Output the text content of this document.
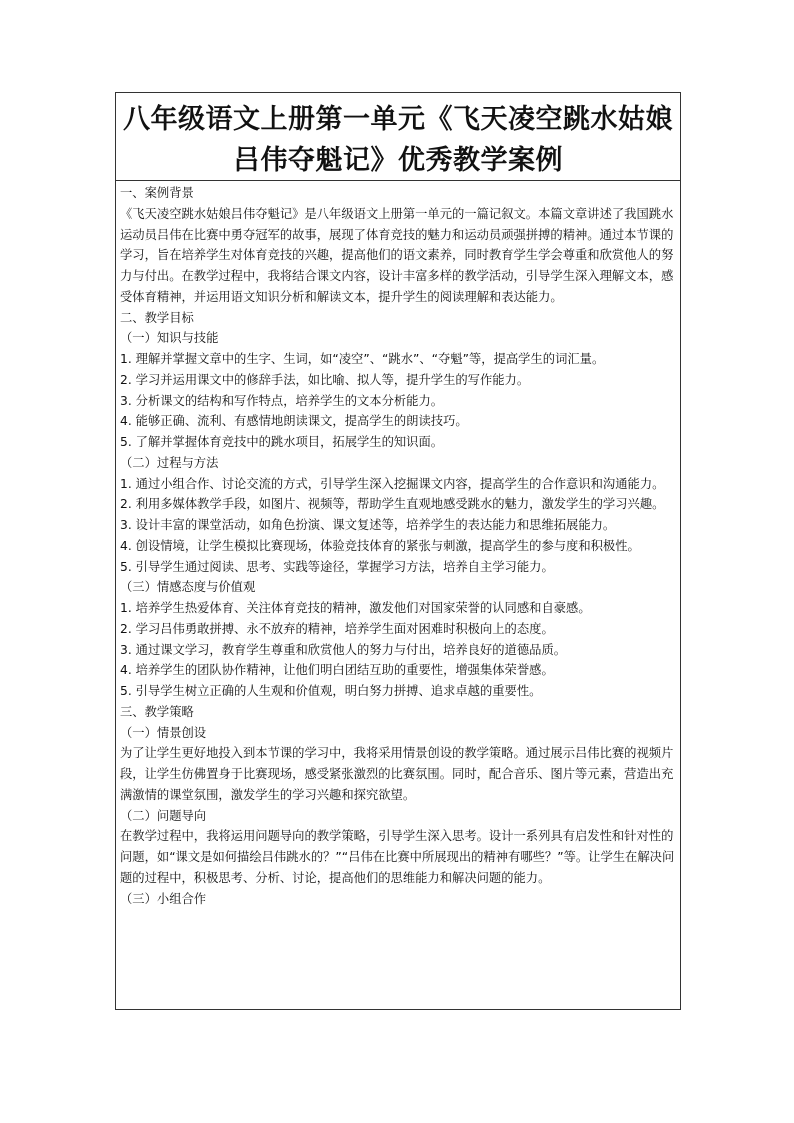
八年级语文上册第一单元《飞天凌空跳水姑娘吕伟夺魁记》优秀教学案例

一、案例背景

《飞天凌空跳水姑娘吕伟夺魁记》是八年级语文上册第一单元的一篇记叙文。本篇文章讲述了我国跳水运动员吕伟在比赛中勇夺冠军的故事，展现了体育竞技的魅力和运动员顽强拼搏的精神。通过本节课的学习，旨在培养学生对体育竞技的兴趣，提高他们的语文素养，同时教育学生学会尊重和欣赏他人的努力与付出。在教学过程中，我将结合课文内容，设计丰富多样的教学活动，引导学生深入理解文本，感受体育精神，并运用语文知识分析和解读文本，提升学生的阅读理解和表达能力。

二、教学目标

（一）知识与技能

1. 理解并掌握文章中的生字、生词，如“凌空”、“跳水”、“夺魁”等，提高学生的词汇量。

2. 学习并运用课文中的修辞手法，如比喻、拟人等，提升学生的写作能力。

3. 分析课文的结构和写作特点，培养学生的文本分析能力。

4. 能够正确、流利、有感情地朗读课文，提高学生的朗读技巧。

5. 了解并掌握体育竞技中的跳水项目，拓展学生的知识面。

（二）过程与方法

1. 通过小组合作、讨论交流的方式，引导学生深入挖掘课文内容，提高学生的合作意识和沟通能力。

2. 利用多媒体教学手段，如图片、视频等，帮助学生直观地感受跳水的魅力，激发学生的学习兴趣。

3. 设计丰富的课堂活动，如角色扮演、课文复述等，培养学生的表达能力和思维拓展能力。

4. 创设情境，让学生模拟比赛现场，体验竞技体育的紧张与刺激，提高学生的参与度和积极性。

5. 引导学生通过阅读、思考、实践等途径，掌握学习方法，培养自主学习能力。

（三）情感态度与价值观

1. 培养学生热爱体育、关注体育竞技的精神，激发他们对国家荣誉的认同感和自豪感。

2. 学习吕伟勇敢拼搏、永不放弃的精神，培养学生面对困难时积极向上的态度。

3. 通过课文学习，教育学生尊重和欣赏他人的努力与付出，培养良好的道德品质。

4. 培养学生的团队协作精神，让他们明白团结互助的重要性，增强集体荣誉感。

5. 引导学生树立正确的人生观和价值观，明白努力拼搏、追求卓越的重要性。

三、教学策略

（一）情景创设

为了让学生更好地投入到本节课的学习中，我将采用情景创设的教学策略。通过展示吕伟比赛的视频片段，让学生仿佛置身于比赛现场，感受紧张激烈的比赛氛围。同时，配合音乐、图片等元素，营造出充满激情的课堂氛围，激发学生的学习兴趣和探究欲望。

（二）问题导向

在教学过程中，我将运用问题导向的教学策略，引导学生深入思考。设计一系列具有启发性和针对性的问题，如“课文是如何描绘吕伟跳水的？”“吕伟在比赛中所展现出的精神有哪些？”等。让学生在解决问题的过程中，积极思考、分析、讨论，提高他们的思维能力和解决问题的能力。

（三）小组合作
